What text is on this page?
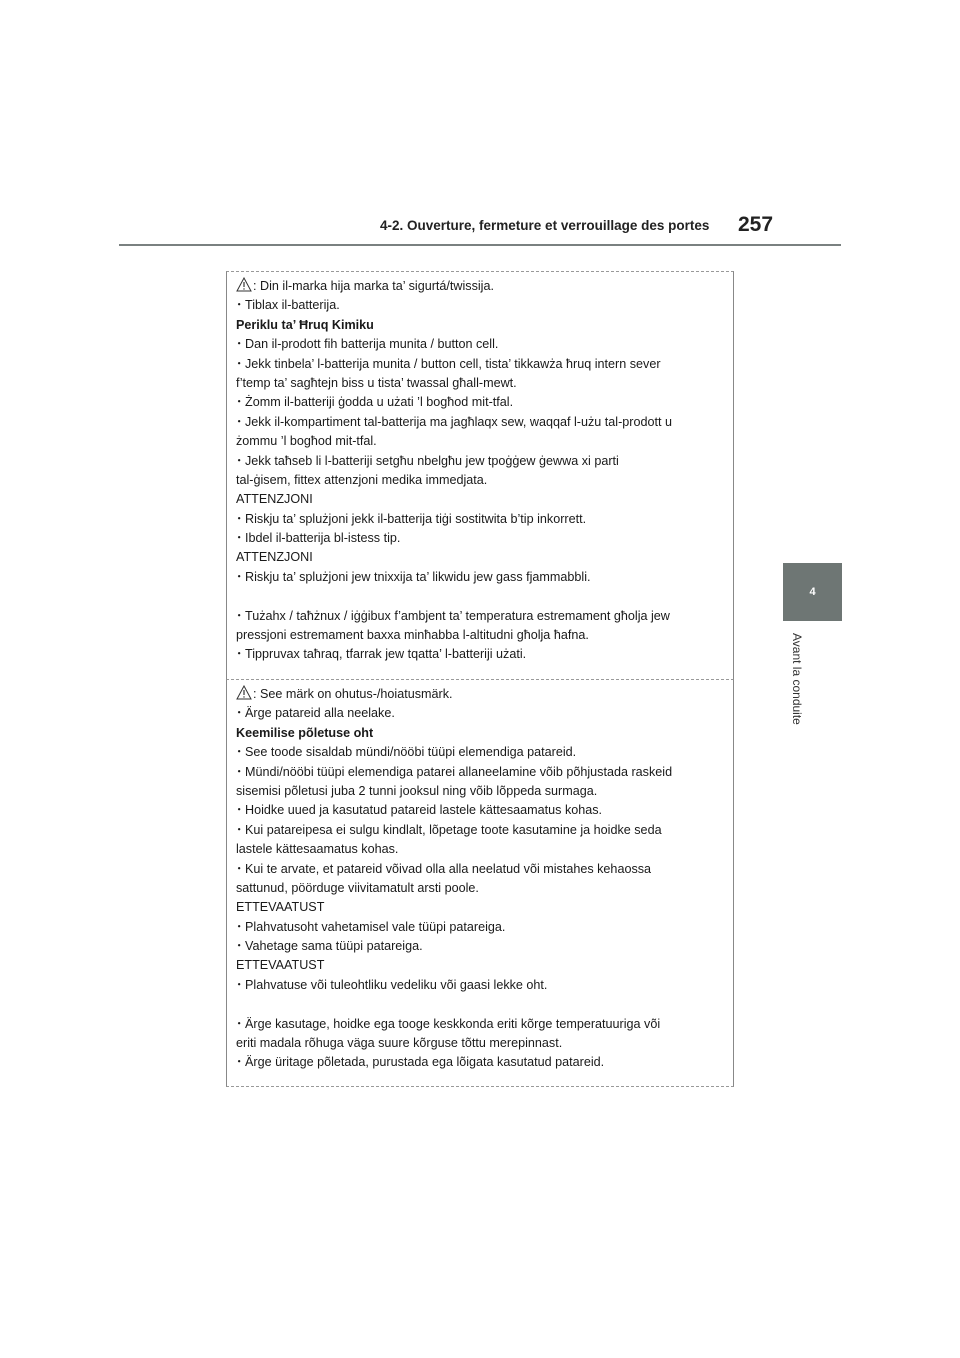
4-2. Ouverture, fermeture et verrouillage des portes 257
4
Avant la conduite
: Din il-marka hija marka ta’ sigurtá/twissija.
･ Tiblax il-batterija.
Periklu ta’ Ħruq Kimiku
･ Dan il-prodott fih batterija munita / button cell.
･ Jekk tinbela’ l-batterija munita / button cell, tista’ tikkawża ħruq intern sever
f’temp ta’ sagħtejn biss u tista’ twassal għall-mewt.
･ Żomm il-batteriji ġodda u użati ’l bogħod mit-tfal.
･ Jekk il-kompartiment tal-batterija ma jagħlaqx sew, waqqaf l-użu tal-prodott u
żommu ’l bogħod mit-tfal.
･ Jekk taħseb li l-batteriji setgħu nbelgħu jew tpoġġew ġewwa xi parti
tal-ġisem, fittex attenzjoni medika immedjata.
ATTENZJONI
･ Riskju ta’ splużjoni jekk il-batterija tiġi sostitwita b’tip inkorrett.
･ Ibdel il-batterija bl-istess tip.
ATTENZJONI
･ Riskju ta’ splużjoni jew tnixxija ta’ likwidu jew gass fjammabbli.
･ Tużahx / taħżnux / iġġibux f’ambjent ta’ temperatura estremament għolja jew
pressjoni estremament baxxa minħabba l-altitudni għolja ħafna.
･ Tippruvax taħraq, tfarrak jew tqatta’ l-batteriji użati.
: See märk on ohutus-/hoiatusmärk.
･ Ärge patareid alla neelake.
Keemilise põletuse oht
･ See toode sisaldab mündi/nööbi tüüpi elemendiga patareid.
･ Mündi/nööbi tüüpi elemendiga patarei allaneelamine võib põhjustada raskeid
sisemisi põletusi juba 2 tunni jooksul ning võib lõppeda surmaga.
･ Hoidke uued ja kasutatud patareid lastele kättesaamatus kohas.
･ Kui patareipesa ei sulgu kindlalt, lõpetage toote kasutamine ja hoidke seda
lastele kättesaamatus kohas.
･ Kui te arvate, et patareid võivad olla alla neelatud või mistahes kehaossa
sattunud, pöörduge viivitamatult arsti poole.
ETTEVAATUST
･ Plahvatusoht vahetamisel vale tüüpi patareiga.
･ Vahetage sama tüüpi patareiga.
ETTEVAATUST
･ Plahvatuse või tuleohtliku vedeliku või gaasi lekke oht.
･ Ärge kasutage, hoidke ega tooge keskkonda eriti kõrge temperatuuriga või
eriti madala rõhuga väga suure kõrguse tõttu merepinnast.
･ Ärge üritage põletada, purustada ega lõigata kasutatud patareid.
